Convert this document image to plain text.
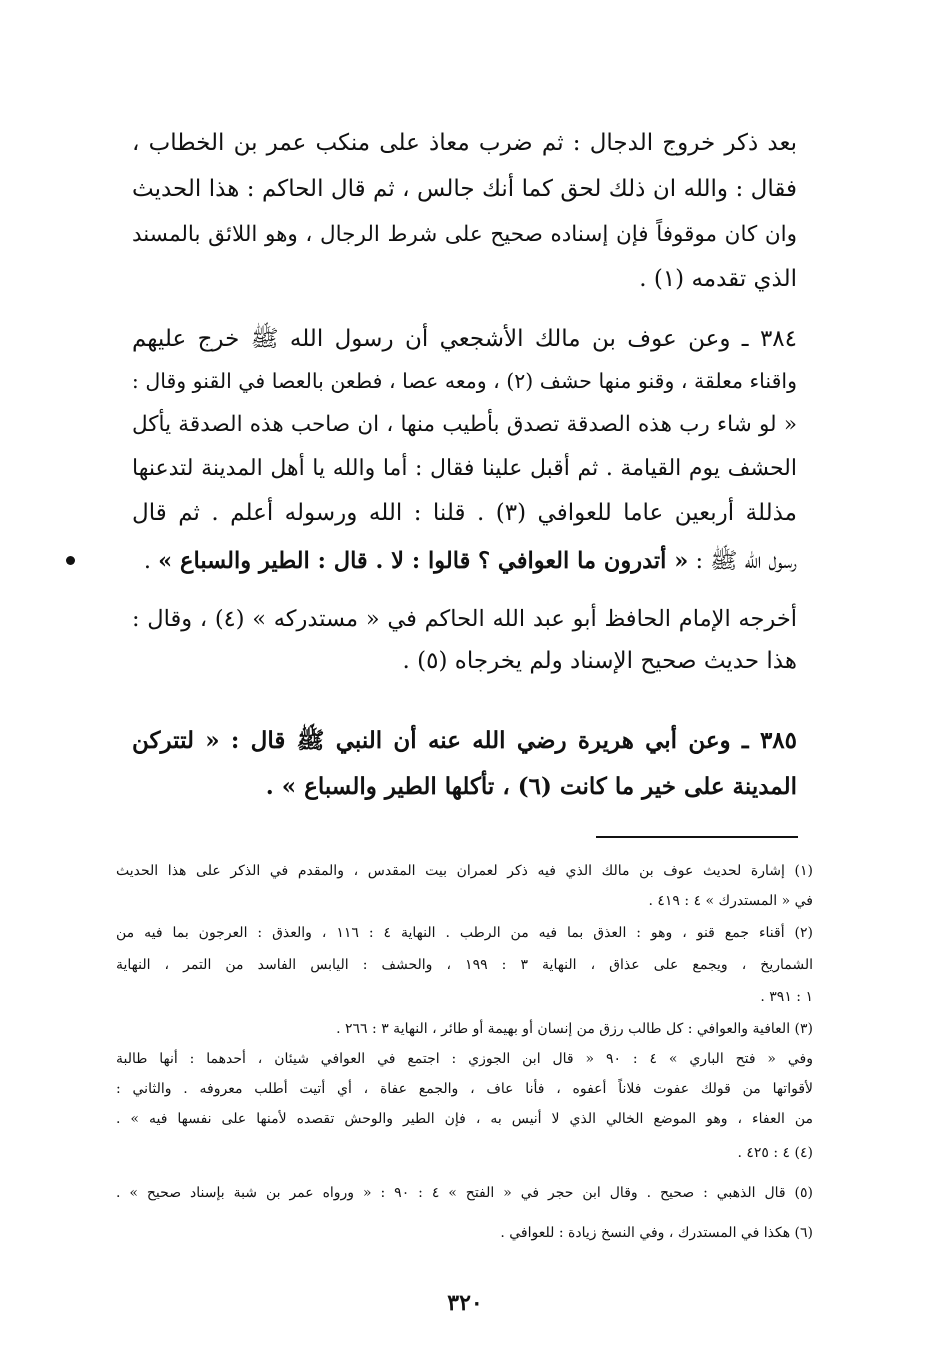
بعد ذكر خروج الدجال : ثم ضرب معاذ على منكب عمر بن الخطاب ،
فقال : والله ان ذلك لحق كما أنك جالس ، ثم قال الحاكم : هذا الحديث
وان كان موقوفاً فإن إسناده صحيح على شرط الرجال ، وهو اللائق بالمسند
الذي تقدمه (١) .
٣٨٤ ـ وعن عوف بن مالك الأشجعي أن رسول الله ﷺ خرج عليهم
واقناء معلقة ، وقنو منها حشف (٢) ، ومعه عصا ، فطعن بالعصا في القنو وقال :
« لو شاء رب هذه الصدقة تصدق بأطيب منها ، ان صاحب هذه الصدقة يأكل
الحشف يوم القيامة . ثم أقبل علينا فقال : أما والله يا أهل المدينة لتدعنها
مذللة أربعين عاما للعوافي (٣) . قلنا : الله ورسوله أعلم . ثم قال
رسول الله ﷺ : « أتدرون ما العوافي ؟ قالوا : لا . قال : الطير والسباع » .
أخرجه الإمام الحافظ أبو عبد الله الحاكم في « مستدركه » (٤) ، وقال :
هذا حديث صحيح الإسناد ولم يخرجاه (٥) .
٣٨٥ ـ وعن أبي هريرة رضي الله عنه أن النبي ﷺ قال : « لتتركن
المدينة على خير ما كانت (٦) ، تأكلها الطير والسباع » .
(١) إشارة لحديث عوف بن مالك الذي فيه ذكر لعمران بيت المقدس ، والمقدم في الذكر على هذا الحديث
في « المستدرك » ٤ : ٤١٩ .
(٢) أقناء جمع قنو ، وهو : العذق بما فيه من الرطب . النهاية ٤ : ١١٦ ، والعذق : العرجون بما فيه من
الشماريخ ، ويجمع على عذاق ، النهاية ٣ : ١٩٩ ، والحشف : اليابس الفاسد من التمر ، النهاية
١ : ٣٩١ .
(٣) العافية والعوافي : كل طالب رزق من إنسان أو بهيمة أو طائر ، النهاية ٣ : ٢٦٦ .
وفي « فتح الباري » ٤ : ٩٠ « قال ابن الجوزي : اجتمع في العوافي شيئان ، أحدهما : أنها طالبة
لأقواتها من قولك عفوت فلاناً أعفوه ، فأنا عاف ، والجمع عفاة ، أي أتيت أطلب معروفه . والثاني :
من العفاء ، وهو الموضع الخالي الذي لا أنيس به ، فإن الطير والوحش تقصده لأمنها على نفسها فيه » .
(٤) ٤ : ٤٢٥ .
(٥) قال الذهبي : صحيح . وقال ابن حجر في « الفتح » ٤ : ٩٠ : « ورواه عمر بن شبة بإسناد صحيح » .
(٦) هكذا في المستدرك ، وفي النسخ زيادة : للعوافي .
٣٢٠
